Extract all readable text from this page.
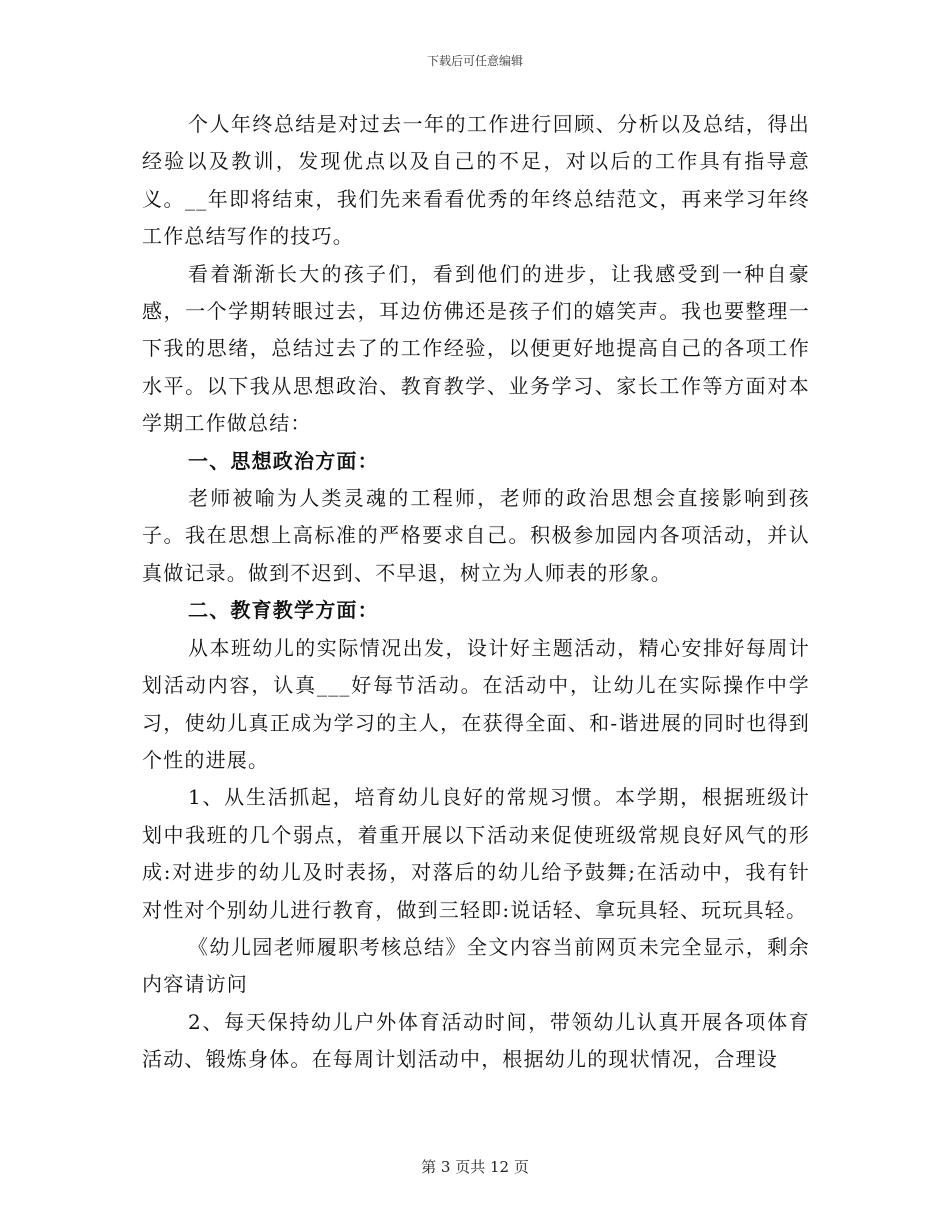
下载后可任意编辑

个人年终总结是对过去一年的工作进行回顾、分析以及总结，得出经验以及教训，发现优点以及自己的不足，对以后的工作具有指导意义。__年即将结束，我们先来看看优秀的年终总结范文，再来学习年终工作总结写作的技巧。

看着渐渐长大的孩子们，看到他们的进步，让我感受到一种自豪感，一个学期转眼过去，耳边仿佛还是孩子们的嬉笑声。我也要整理一下我的思绪，总结过去了的工作经验，以便更好地提高自己的各项工作水平。以下我从思想政治、教育教学、业务学习、家长工作等方面对本学期工作做总结：

一、思想政治方面：

老师被喻为人类灵魂的工程师，老师的政治思想会直接影响到孩子。我在思想上高标准的严格要求自己。积极参加园内各项活动，并认真做记录。做到不迟到、不早退，树立为人师表的形象。

二、教育教学方面：

从本班幼儿的实际情况出发，设计好主题活动，精心安排好每周计划活动内容，认真___好每节活动。在活动中，让幼儿在实际操作中学习，使幼儿真正成为学习的主人，在获得全面、和-谐进展的同时也得到个性的进展。

1、从生活抓起，培育幼儿良好的常规习惯。本学期，根据班级计划中我班的几个弱点，着重开展以下活动来促使班级常规良好风气的形成:对进步的幼儿及时表扬，对落后的幼儿给予鼓舞;在活动中，我有针对性对个别幼儿进行教育，做到三轻即:说话轻、拿玩具轻、玩玩具轻。

《幼儿园老师履职考核总结》全文内容当前网页未完全显示，剩余内容请访问

2、每天保持幼儿户外体育活动时间，带领幼儿认真开展各项体育活动、锻炼身体。在每周计划活动中，根据幼儿的现状情况，合理设

第 3 页共 12 页
